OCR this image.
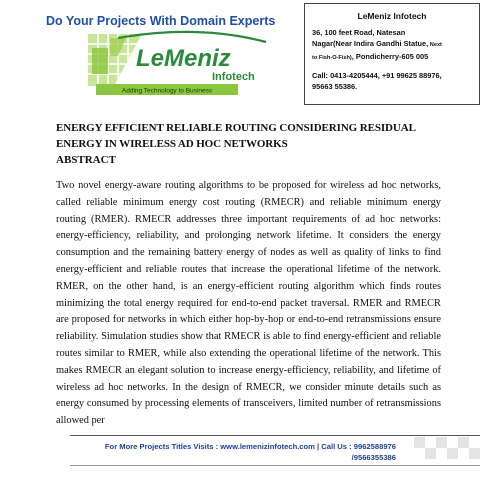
Do Your Projects With Domain Experts
LeMeniz
Infotech
Adding Technology to Business
LeMeniz Infotech
36, 100 feet Road, Natesan
Nagar(Near Indira Gandhi Statue, Next
to Fish-O-Fish), Pondicherry-605 005
Call: 0413-4205444, +91 99625 88976,
95663 55386.
ENERGY EFFICIENT RELIABLE ROUTING CONSIDERING RESIDUAL ENERGY IN WIRELESS AD HOC NETWORKS
ABSTRACT
Two novel energy-aware routing algorithms to be proposed for wireless ad hoc networks, called reliable minimum energy cost routing (RMECR) and reliable minimum energy routing (RMER). RMECR addresses three important requirements of ad hoc networks: energy-efficiency, reliability, and prolonging network lifetime. It considers the energy consumption and the remaining battery energy of nodes as well as quality of links to find energy-efficient and reliable routes that increase the operational lifetime of the network. RMER, on the other hand, is an energy-efficient routing algorithm which finds routes minimizing the total energy required for end-to-end packet traversal. RMER and RMECR are proposed for networks in which either hop-by-hop or end-to-end retransmissions ensure reliability. Simulation studies show that RMECR is able to find energy-efficient and reliable routes similar to RMER, while also extending the operational lifetime of the network. This makes RMECR an elegant solution to increase energy-efficiency, reliability, and lifetime of wireless ad hoc networks. In the design of RMECR, we consider minute details such as energy consumed by processing elements of transceivers, limited number of retransmissions allowed per
For More Projects Titles Visits : www.lemenizinfotech.com | Call Us : 9962588976
/9566355386
